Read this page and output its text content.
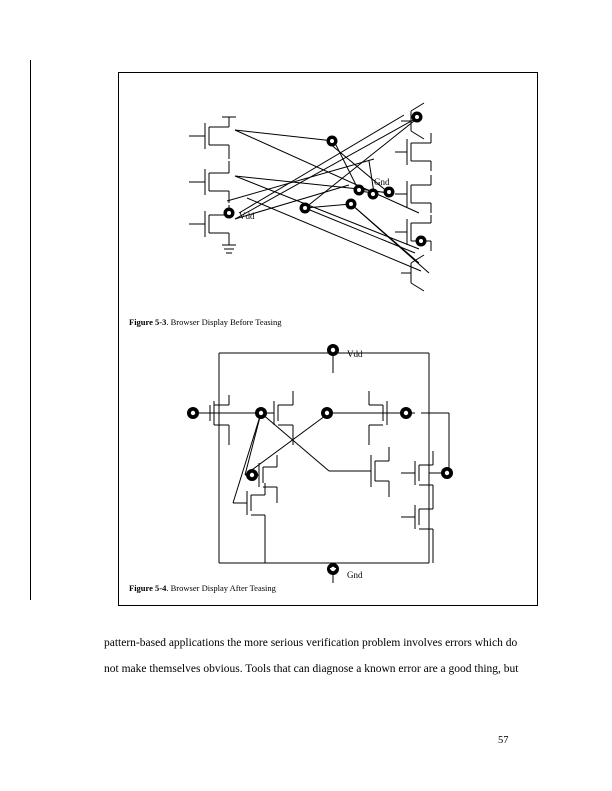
Vdd
Gnd
Vdd
Gnd
Figure 5-3. Browser Display Before Teasing
Figure 5-4. Browser Display After Teasing
pattern-based applications the more serious verification problem involves errors which do not make themselves obvious. Tools that can diagnose a known error are a good thing, but
57
